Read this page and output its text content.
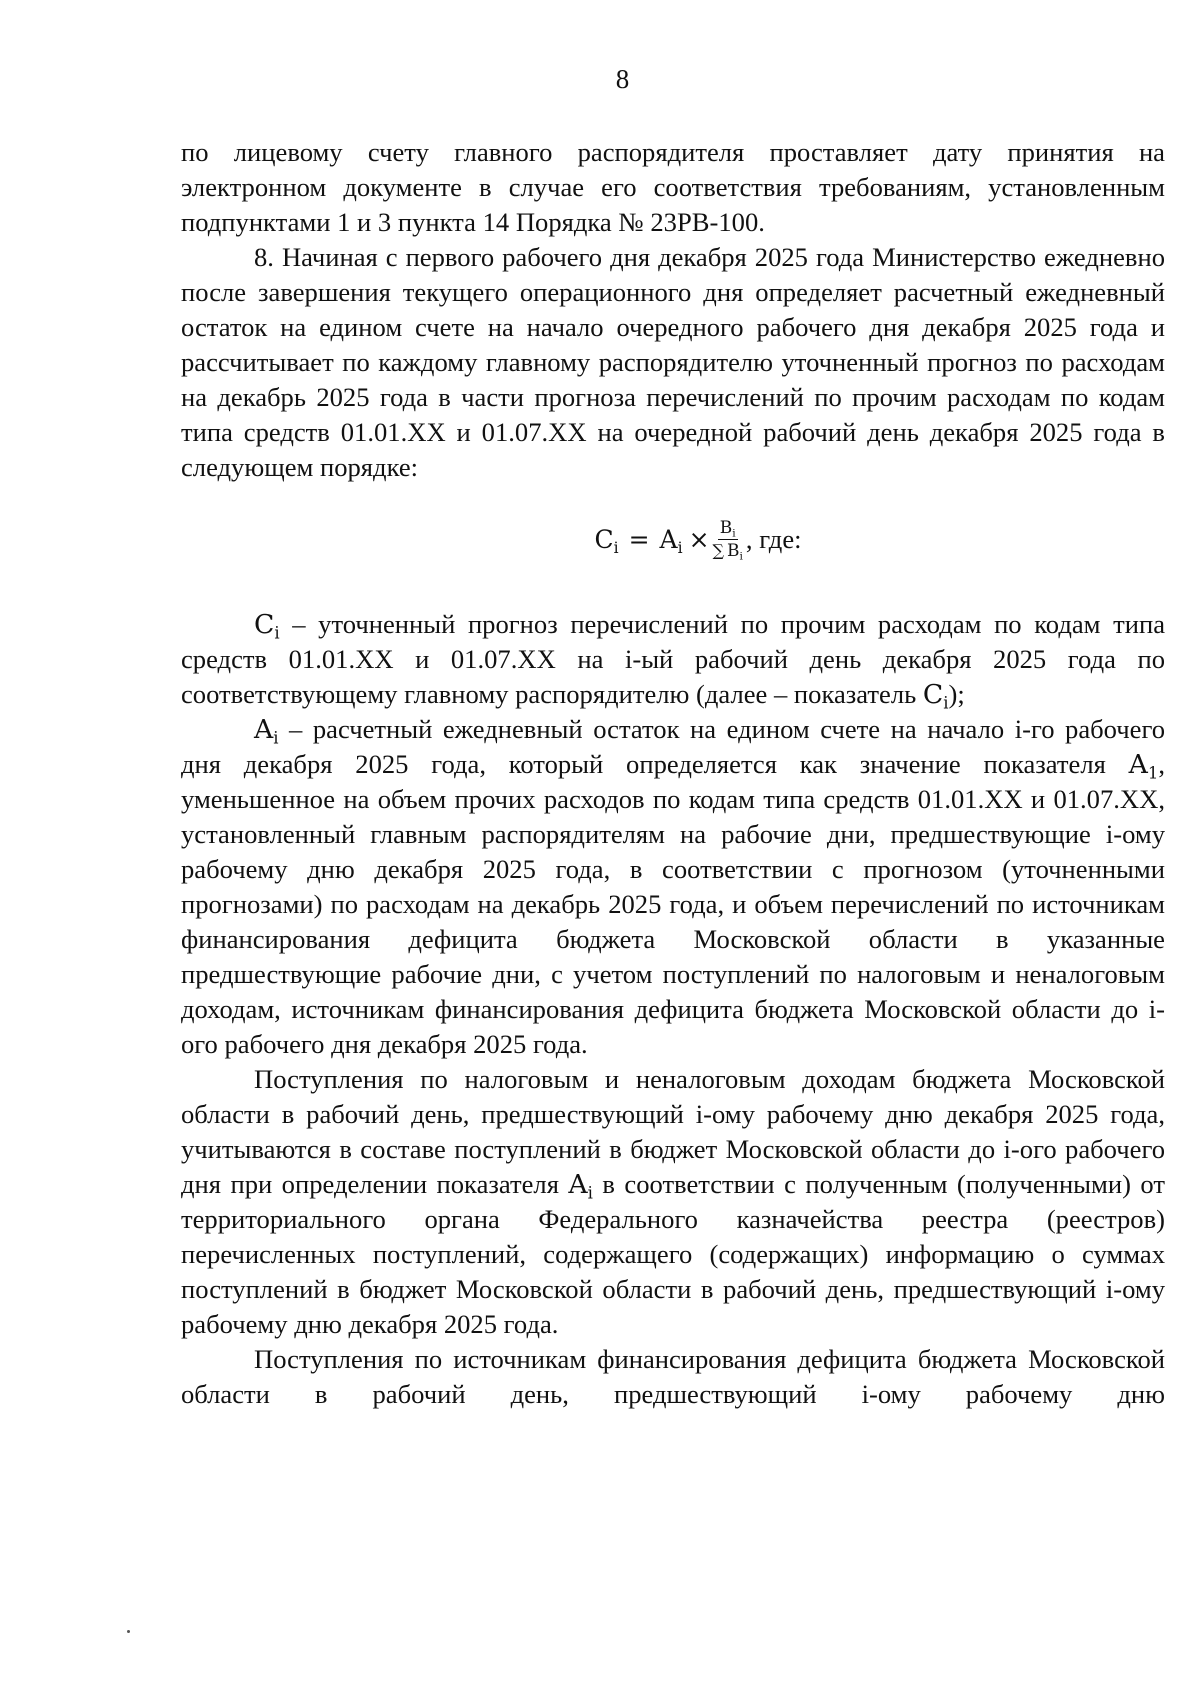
8

по лицевому счету главного распорядителя проставляет дату принятия на электронном документе в случае его соответствия требованиям, установленным подпунктами 1 и 3 пункта 14 Порядка № 23РВ-100.

8. Начиная с первого рабочего дня декабря 2025 года Министерство ежедневно после завершения текущего операционного дня определяет расчетный ежедневный остаток на едином счете на начало очередного рабочего дня декабря 2025 года и рассчитывает по каждому главному распорядителю уточненный прогноз по расходам на декабрь 2025 года в части прогноза перечислений по прочим расходам по кодам типа средств 01.01.XX и 01.07.XX на очередной рабочий день декабря 2025 года в следующем порядке:

$C_i = A_i \times \frac{B_i}{\sum B_i}$ , где:

$C_i$ – уточненный прогноз перечислений по прочим расходам по кодам типа средств 01.01.XX и 01.07.XX на i-ый рабочий день декабря 2025 года по соответствующему главному распорядителю (далее – показатель $C_i$);

$A_i$ – расчетный ежедневный остаток на едином счете на начало i-го рабочего дня декабря 2025 года, который определяется как значение показателя $A_1$, уменьшенное на объем прочих расходов по кодам типа средств 01.01.XX и 01.07.XX, установленный главным распорядителям на рабочие дни, предшествующие i-ому рабочему дню декабря 2025 года, в соответствии с прогнозом (уточненными прогнозами) по расходам на декабрь 2025 года, и объем перечислений по источникам финансирования дефицита бюджета Московской области в указанные предшествующие рабочие дни, с учетом поступлений по налоговым и неналоговым доходам, источникам финансирования дефицита бюджета Московской области до i-ого рабочего дня декабря 2025 года.

Поступления по налоговым и неналоговым доходам бюджета Московской области в рабочий день, предшествующий i-ому рабочему дню декабря 2025 года, учитываются в составе поступлений в бюджет Московской области до i-ого рабочего дня при определении показателя $A_i$ в соответствии с полученным (полученными) от территориального органа Федерального казначейства реестра (реестров) перечисленных поступлений, содержащего (содержащих) информацию о суммах поступлений в бюджет Московской области в рабочий день, предшествующий i-ому рабочему дню декабря 2025 года.

Поступления по источникам финансирования дефицита бюджета Московской области в рабочий день, предшествующий i-ому рабочему дню
